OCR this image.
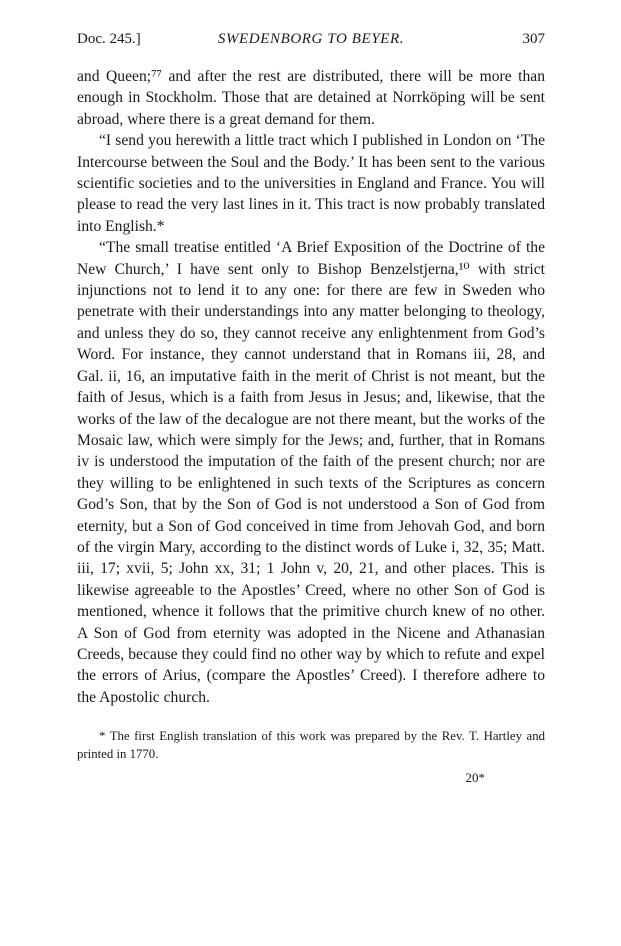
Doc. 245.]	SWEDENBORG TO BEYER.	307

and Queen;⁷⁷ and after the rest are distributed, there will be more than enough in Stockholm. Those that are detained at Norrköping will be sent abroad, where there is a great demand for them.

“I send you herewith a little tract which I published in London on ‘The Intercourse between the Soul and the Body.’ It has been sent to the various scientific societies and to the universities in England and France. You will please to read the very last lines in it. This tract is now probably translated into English.*

“The small treatise entitled ‘A Brief Exposition of the Doctrine of the New Church,’ I have sent only to Bishop Benzelstjerna,¹⁰ with strict injunctions not to lend it to any one: for there are few in Sweden who penetrate with their understandings into any matter belonging to theology, and unless they do so, they cannot receive any enlightenment from God’s Word. For instance, they cannot understand that in Romans iii, 28, and Gal. ii, 16, an imputative faith in the merit of Christ is not meant, but the faith of Jesus, which is a faith from Jesus in Jesus; and, likewise, that the works of the law of the decalogue are not there meant, but the works of the Mosaic law, which were simply for the Jews; and, further, that in Romans iv is understood the imputation of the faith of the present church; nor are they willing to be enlightened in such texts of the Scriptures as concern God’s Son, that by the Son of God is not understood a Son of God from eternity, but a Son of God conceived in time from Jehovah God, and born of the virgin Mary, according to the distinct words of Luke i, 32, 35; Matt. iii, 17; xvii, 5; John xx, 31; 1 John v, 20, 21, and other places. This is likewise agreeable to the Apostles’ Creed, where no other Son of God is mentioned, whence it follows that the primitive church knew of no other. A Son of God from eternity was adopted in the Nicene and Athanasian Creeds, because they could find no other way by which to refute and expel the errors of Arius, (compare the Apostles’ Creed). I therefore adhere to the Apostolic church.

* The first English translation of this work was prepared by the Rev. T. Hartley and printed in 1770.
20*
